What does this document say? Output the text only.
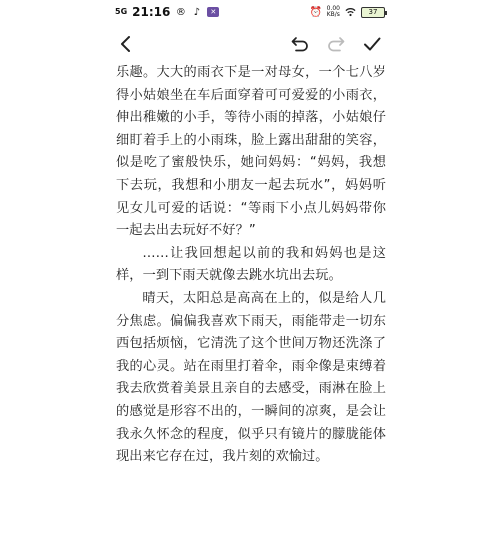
5G 21:16 ® ♪	✕	⏰ 0.00
KB/s	37

乐趣。大大的雨衣下是一对母女，一个七八岁得小姑娘坐在车后面穿着可可爱爱的小雨衣，伸出稚嫩的小手，等待小雨的掉落，小姑娘仔细盯着手上的小雨珠，脸上露出甜甜的笑容，似是吃了蜜般快乐，她问妈妈：“妈妈，我想下去玩，我想和小朋友一起去玩水”，妈妈听见女儿可爱的话说：“等雨下小点儿妈妈带你一起去出去玩好不好？”

……让我回想起以前的我和妈妈也是这样，一到下雨天就像去跳水坑出去玩。

晴天，太阳总是高高在上的，似是给人几分焦虑。偏偏我喜欢下雨天，雨能带走一切东西包括烦恼，它清洗了这个世间万物还洗涤了我的心灵。站在雨里打着伞，雨伞像是束缚着我去欣赏着美景且亲自的去感受，雨淋在脸上的感觉是形容不出的，一瞬间的凉爽，是会让我永久怀念的程度，似乎只有镜片的朦胧能体现出来它存在过，我片刻的欢愉过。
